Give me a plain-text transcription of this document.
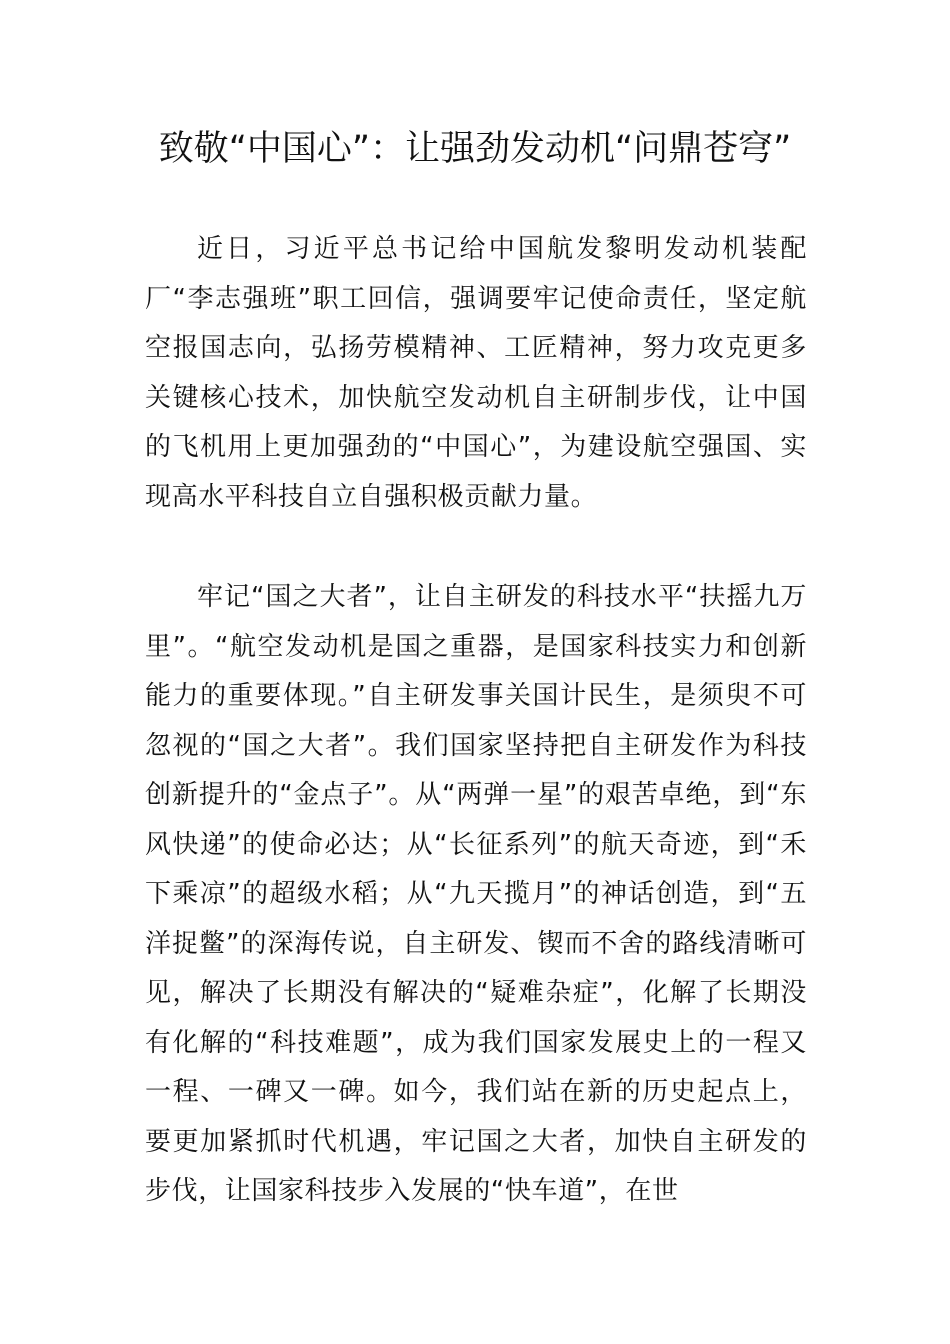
致敬“中国心”：让强劲发动机“问鼎苍穹”

近日，习近平总书记给中国航发黎明发动机装配厂“李志强班”职工回信，强调要牢记使命责任，坚定航空报国志向，弘扬劳模精神、工匠精神，努力攻克更多关键核心技术，加快航空发动机自主研制步伐，让中国的飞机用上更加强劲的“中国心”，为建设航空强国、实现高水平科技自立自强积极贡献力量。

牢记“国之大者”，让自主研发的科技水平“扶摇九万里”。“航空发动机是国之重器，是国家科技实力和创新能力的重要体现。”自主研发事关国计民生，是须臾不可忽视的“国之大者”。我们国家坚持把自主研发作为科技创新提升的“金点子”。从“两弹一星”的艰苦卓绝，到“东风快递”的使命必达；从“长征系列”的航天奇迹，到“禾下乘凉”的超级水稻；从“九天揽月”的神话创造，到“五洋捉鳖”的深海传说，自主研发、锲而不舍的路线清晰可见，解决了长期没有解决的“疑难杂症”，化解了长期没有化解的“科技难题”，成为我们国家发展史上的一程又一程、一碑又一碑。如今，我们站在新的历史起点上，要更加紧抓时代机遇，牢记国之大者，加快自主研发的步伐，让国家科技步入发展的“快车道”，在世
